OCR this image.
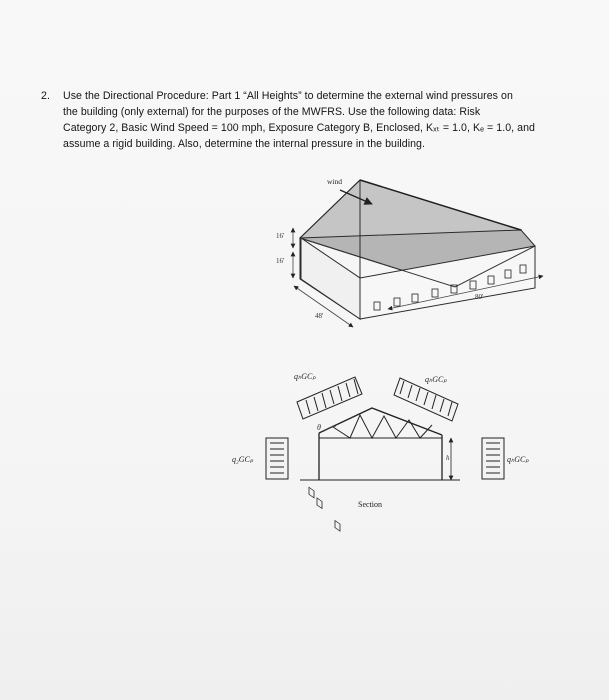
2.	Use the Directional Procedure: Part 1 “All Heights” to determine the external wind pressures on
the building (only external) for the purposes of the MWFRS. Use the following data: Risk
Category 2, Basic Wind Speed = 100 mph, Exposure Category B, Enclosed, Kₓₜ = 1.0, Kₑ = 1.0, and
assume a rigid building. Also, determine the internal pressure in the building.
wind
16'
16'
48'
80'
h
θ
qₕGCₚ	qₕGCₚ
q₂GCₚ	qₕGCₚ
Section
